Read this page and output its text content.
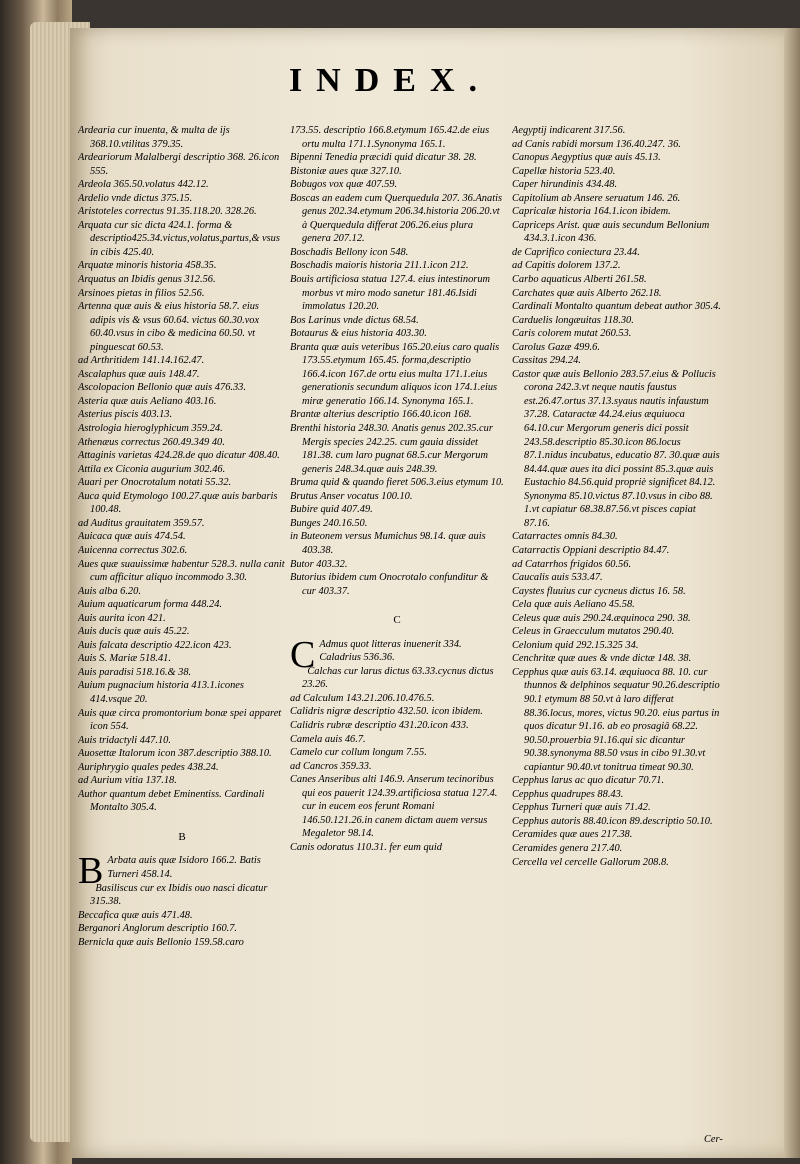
INDEX.

Ardearia cur inuenta, & multa de ijs 368.10.vtilitas 379.35.

Ardeariorum Malalbergi descriptio 368. 26.icon 555.

Ardeola 365.50.volatus 442.12.

Ardelio vnde dictus 375.15.

Aristoteles correctus 91.35.118.20. 328.26.

Arquata cur sic dicta 424.1. forma & descriptio425.34.victus,volatus,partus,& vsus in cibis 425.40.

Arquatæ minoris historia 458.35.

Arquatus an Ibidis genus 312.56.

Arsinoes pietas in filios 52.56.

Artenna quæ auis & eius historia 58.7. eius adipis vis & vsus 60.64. victus 60.30.vox 60.40.vsus in cibo & medicina 60.50. vt pinguescat 60.53.

ad Arthritidem 141.14.162.47.

Ascalaphus quæ auis 148.47.

Ascolopacion Bellonio quæ auis 476.33.

Asteria quæ auis Aeliano 403.16.

Asterius piscis 403.13.

Astrologia hieroglyphicum 359.24.

Athenæus correctus 260.49.349 40.

Attaginis varietas 424.28.de quo dicatur 408.40.

Attila ex Ciconia augurium 302.46.

Auari per Onocrotalum notati 55.32.

Auca quid Etymologo 100.27.quæ auis barbaris 100.48.

ad Auditus grauitatem 359.57.

Auicaca quæ auis 474.54.

Auicenna correctus 302.6.

Aues quæ suauissimæ habentur 528.3. nulla canit cum afficitur aliquo incommodo 3.30.

Auis alba 6.20.

Auium aquaticarum forma 448.24.

Auis aurita icon 421.

Auis ducis quæ auis 45.22.

Auis falcata descriptio 422.icon 423.

Auis S. Mariæ 518.41.

Auis paradisi 518.16.& 38.

Auium pugnacium historia 413.1.icones 414.vsque 20.

Auis quæ circa promontorium bonæ spei apparet icon 554.

Auis tridactyli 447.10.

Auosettæ Italorum icon 387.descriptio 388.10.

Auriphrygio quales pedes 438.24.

ad Aurium vitia 137.18.

Author quantum debet Eminentiss. Cardinali Montalto 305.4.

B

B Arbata auis quæ Isidoro 166.2. Batis Turneri 458.14.

Basiliscus cur ex Ibidis ouo nasci dicatur 315.38.

Beccafica quæ auis 471.48.

Berganori Anglorum descriptio 160.7.

Bernicla quæ auis Bellonio 159.58.caro

173.55. descriptio 166.8.etymum 165.42.de eius ortu multa 171.1.Synonyma 165.1.

Bipenni Tenedia præcidi quid dicatur 38. 28.

Bistoniæ aues quæ 327.10.

Bobugos vox quæ 407.59.

Boscas an eadem cum Querquedula 207. 36.Anatis genus 202.34.etymum 206.34.historia 206.20.vt à Querquedula differat 206.26.eius plura genera 207.12.

Boschadis Bellony icon 548.

Boschadis maioris historia 211.1.icon 212.

Bouis artificiosa statua 127.4. eius intestinorum morbus vt miro modo sanetur 181.46.Isidi immolatus 120.20.

Bos Larinus vnde dictus 68.54.

Botaurus & eius historia 403.30.

Branta quæ auis veteribus 165.20.eius caro qualis 173.55.etymum 165.45. forma,descriptio 166.4.icon 167.de ortu eius multa 171.1.eius generationis secundum aliquos icon 174.1.eius miræ generatio 166.14. Synonyma 165.1.

Brantæ alterius descriptio 166.40.icon 168.

Brenthi historia 248.30. Anatis genus 202.35.cur Mergis species 242.25. cum gauia dissidet 181.38. cum laro pugnat 68.5.cur Mergorum generis 248.34.quæ auis 248.39.

Bruma quid & quando fieret 506.3.eius etymum 10.

Brutus Anser vocatus 100.10.

Bubire quid 407.49.

Bunges 240.16.50.

in Buteonem versus Mumichus 98.14. quæ auis 403.38.

Butor 403.32.

Butorius ibidem cum Onocrotalo confunditur & cur 403.37.

C

C Admus quot litteras inuenerit 334. Caladrius 536.36.

Calchas cur larus dictus 63.33.cycnus dictus 23.26.

ad Calculum 143.21.206.10.476.5.

Calidris nigræ descriptio 432.50. icon ibidem.

Calidris rubræ descriptio 431.20.icon 433.

Camela auis 46.7.

Camelo cur collum longum 7.55.

ad Cancros 359.33.

Canes Anseribus alti 146.9. Anserum tecinoribus qui eos pauerit 124.39.artificiosa statua 127.4. cur in eucem eos ferunt Romani 146.50.121.26.in canem dictam auem versus Megaletor 98.14.

Canis odoratus 110.31. fer eum quid

Aegyptij indicarent 317.56.

ad Canis rabidi morsum 136.40.247. 36.

Canopus Aegyptius quæ auis 45.13.

Capellæ historia 523.40.

Caper hirundinis 434.48.

Capitolium ab Ansere seruatum 146. 26.

Capricalæ historia 164.1.icon ibidem.

Capriceps Arist. quæ auis secundum Bellonium 434.3.1.icon 436.

de Caprifico coniectura 23.44.

ad Capitis dolorem 137.2.

Carbo aquaticus Alberti 261.58.

Carchates quæ auis Alberto 262.18.

Cardinali Montalto quantum debeat author 305.4.

Carduelis longæuitas 118.30.

Caris colorem mutat 260.53.

Carolus Gazæ 499.6.

Cassitas 294.24.

Castor quæ auis Bellonio 283.57.eius & Pollucis corona 242.3.vt neque nautis faustus est.26.47.ortus 37.13.syaus nautis infaustum 37.28. Cataractæ 44.24.eius æquiuoca 64.10.cur Mergorum generis dici possit 243.58.descriptio 85.30.icon 86.locus 87.1.nidus incubatus, educatio 87. 30.quæ auis 84.44.quæ aues ita dici possint 85.3.quæ auis Eustachio 84.56.quid propriè significet 84.12. Synonyma 85.10.victus 87.10.vsus in cibo 88. 1.vt capiatur 68.38.87.56.vt pisces capiat 87.16.

Catarractes omnis 84.30.

Catarractis Oppiani descriptio 84.47.

ad Catarrhos frigidos 60.56.

Caucalis auis 533.47.

Caystes fluuius cur cycneus dictus 16. 58.

Cela quæ auis Aeliano 45.58.

Celeus quæ auis 290.24.æquinoca 290. 38.

Celeus in Graecculum mutatos 290.40.

Celonium quid 292.15.325 34.

Cenchritæ quæ aues & vnde dictæ 148. 38.

Cepphus quæ auis 63.14. æquiuoca 88. 10. cur thunnos & delphinos sequatur 90.26.descriptio 90.1 etymum 88 50.vt à laro differat 88.36.locus, mores, victus 90.20. eius partus in quos dicatur 91.16. ab eo prosagiâ 68.22. 90.50.prouerbia 91.16.qui sic dicantur 90.38.synonyma 88.50 vsus in cibo 91.30.vt capiantur 90.40.vt tonitrua timeat 90.30.

Cepphus larus ac quo dicatur 70.71.

Cepphus quadrupes 88.43.

Cepphus Turneri quæ auis 71.42.

Cepphus autoris 88.40.icon 89.descriptio 50.10.

Ceramides quæ aues 217.38.

Ceramides genera 217.40.

Cercella vel cercelle Gallorum 208.8.

Cer-
